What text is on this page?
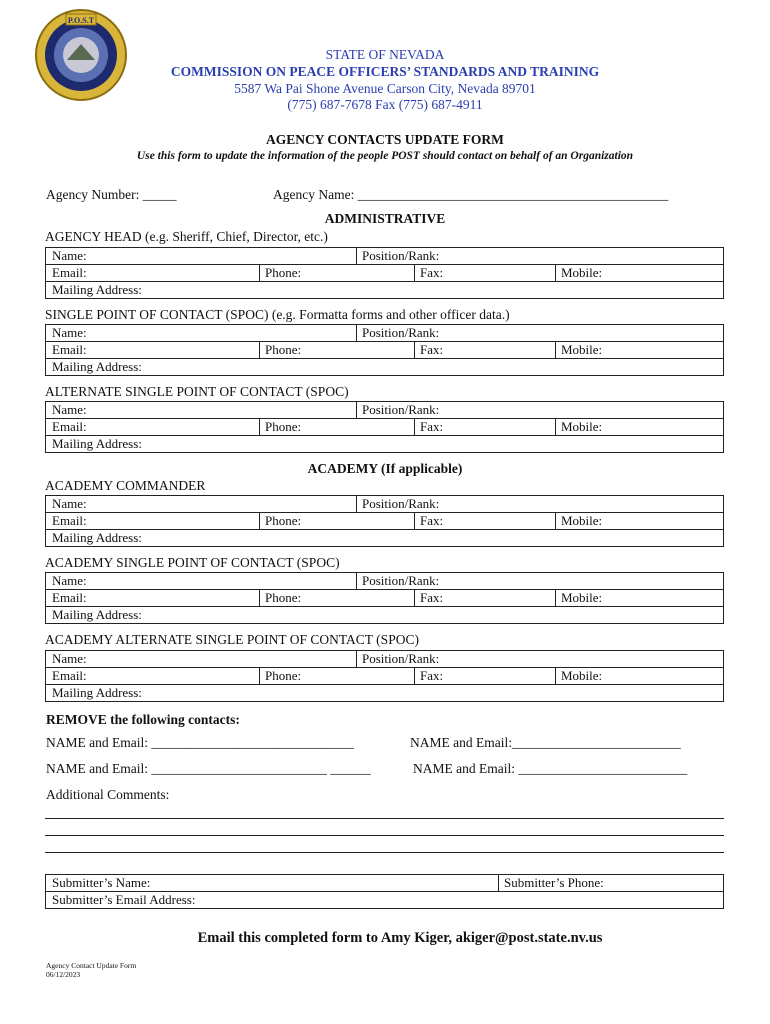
P.O.S.T
STATE OF NEVADA
COMMISSION ON PEACE OFFICERS’ STANDARDS AND TRAINING
5587 Wa Pai Shone Avenue Carson City, Nevada 89701
(775) 687-7678 Fax (775) 687-4911
AGENCY CONTACTS UPDATE FORM
Use this form to update the information of the people POST should contact on behalf of an Organization
Agency Number: _____	Agency Name: ______________________________________________
ADMINISTRATIVE
AGENCY HEAD (e.g. Sheriff, Chief, Director, etc.)
Name:	Position/Rank:
Email:	Phone:	Fax:	Mobile:
Mailing Address:
SINGLE POINT OF CONTACT (SPOC) (e.g. Formatta forms and other officer data.)
Name:	Position/Rank:
Email:	Phone:	Fax:	Mobile:
Mailing Address:
ALTERNATE SINGLE POINT OF CONTACT (SPOC)
Name:	Position/Rank:
Email:	Phone:	Fax:	Mobile:
Mailing Address:
ACADEMY (If applicable)
ACADEMY COMMANDER
Name:	Position/Rank:
Email:	Phone:	Fax:	Mobile:
Mailing Address:
ACADEMY SINGLE POINT OF CONTACT (SPOC)
Name:	Position/Rank:
Email:	Phone:	Fax:	Mobile:
Mailing Address:
ACADEMY ALTERNATE SINGLE POINT OF CONTACT (SPOC)
Name:	Position/Rank:
Email:	Phone:	Fax:	Mobile:
Mailing Address:
REMOVE the following contacts:
NAME and Email: ______________________________	NAME and Email:_________________________
NAME and Email: __________________________ ______	NAME and Email: _________________________
Additional Comments:
Submitter’s Name:	Submitter’s Phone:
Submitter’s Email Address:
Email this completed form to Amy Kiger, akiger@post.state.nv.us
Agency Contact Update Form
06/12/2023
